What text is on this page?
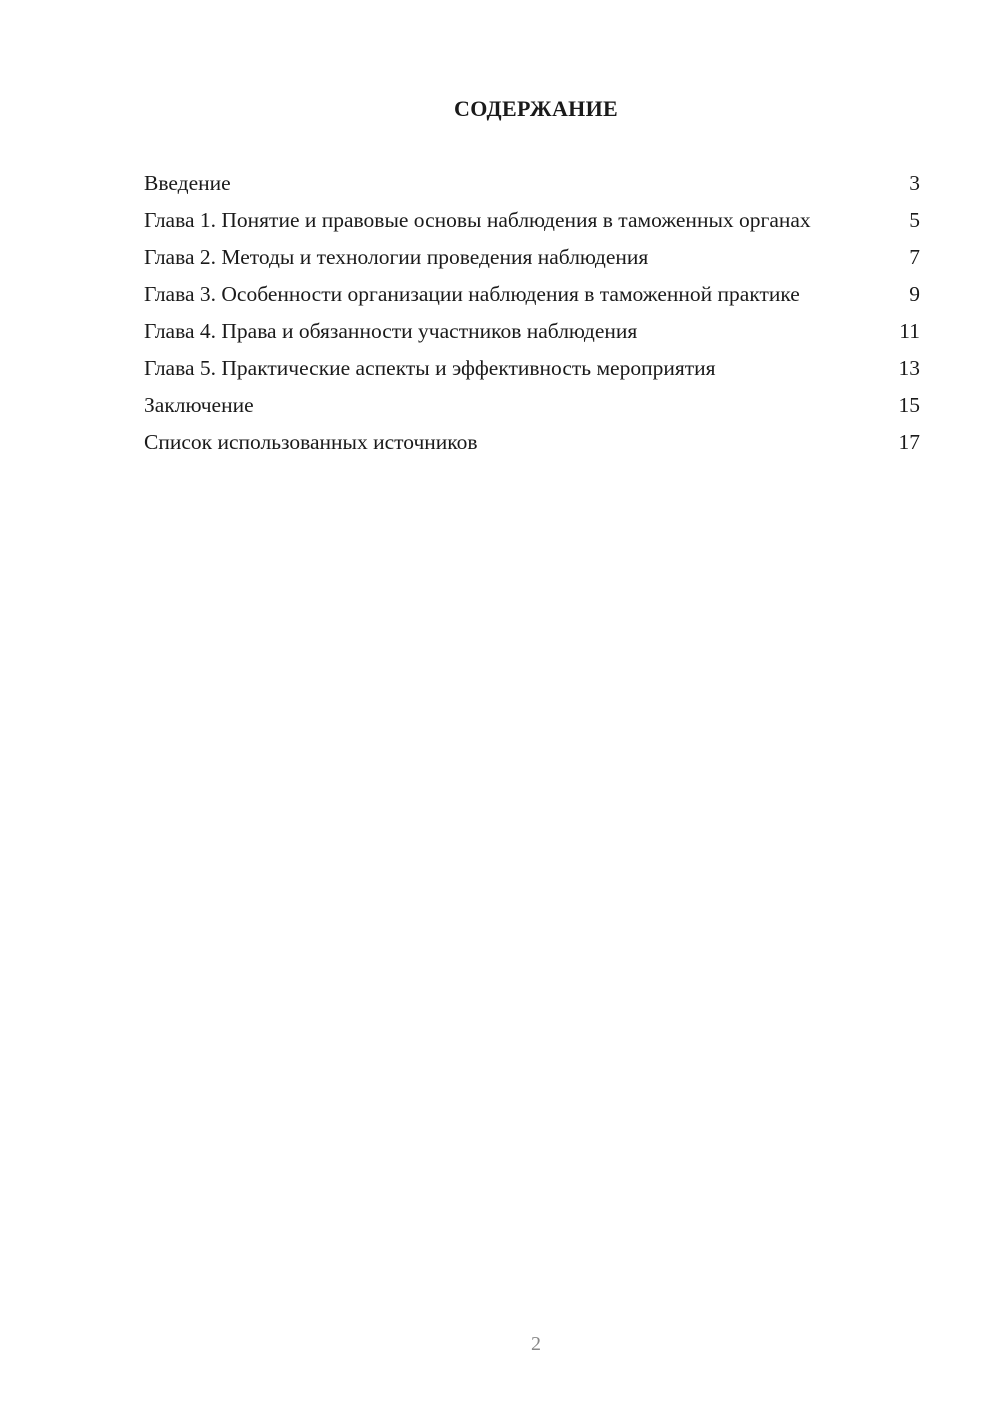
СОДЕРЖАНИЕ
Введение	3
Глава 1. Понятие и правовые основы наблюдения в таможенных органах	5
Глава 2. Методы и технологии проведения наблюдения	7
Глава 3. Особенности организации наблюдения в таможенной практике	9
Глава 4. Права и обязанности участников наблюдения	11
Глава 5. Практические аспекты и эффективность мероприятия	13
Заключение	15
Список использованных источников	17
2
